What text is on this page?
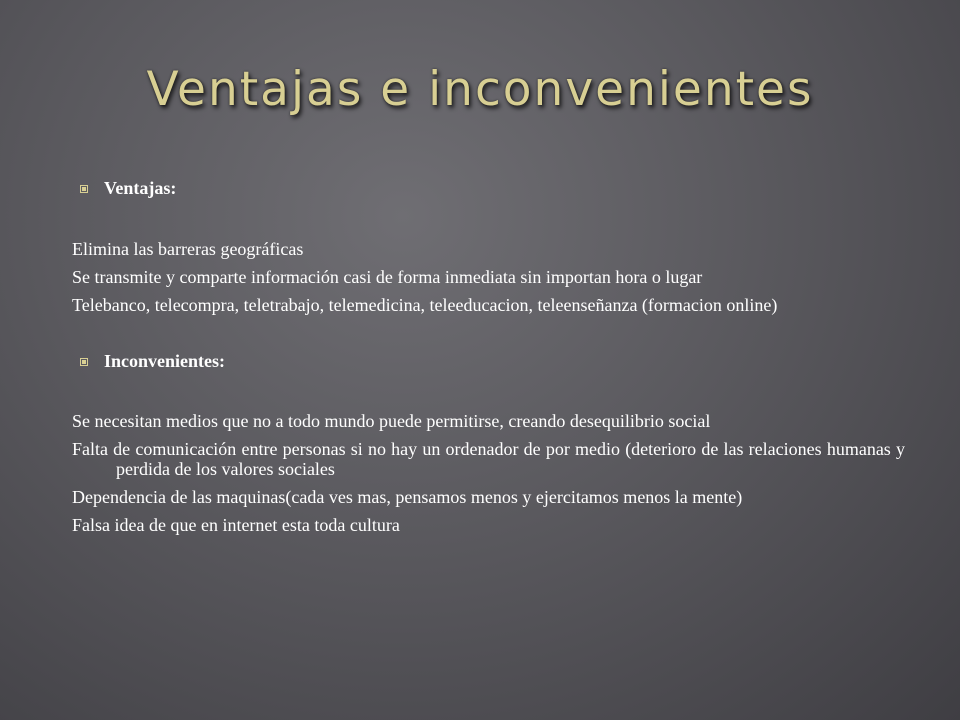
Ventajas e inconvenientes
Ventajas:

Elimina las barreras geográficas

Se transmite y comparte información casi de forma inmediata sin importan hora o lugar

Telebanco, telecompra, teletrabajo, telemedicina, teleeducacion, teleenseñanza (formacion online)

Inconvenientes:

Se necesitan medios que no a todo mundo puede permitirse, creando desequilibrio social

Falta de comunicación entre personas si no hay un ordenador de por medio (deterioro de las relaciones humanas y perdida de los valores sociales

Dependencia de las maquinas(cada ves mas, pensamos menos y ejercitamos menos la mente)

Falsa idea de que en internet esta toda cultura
